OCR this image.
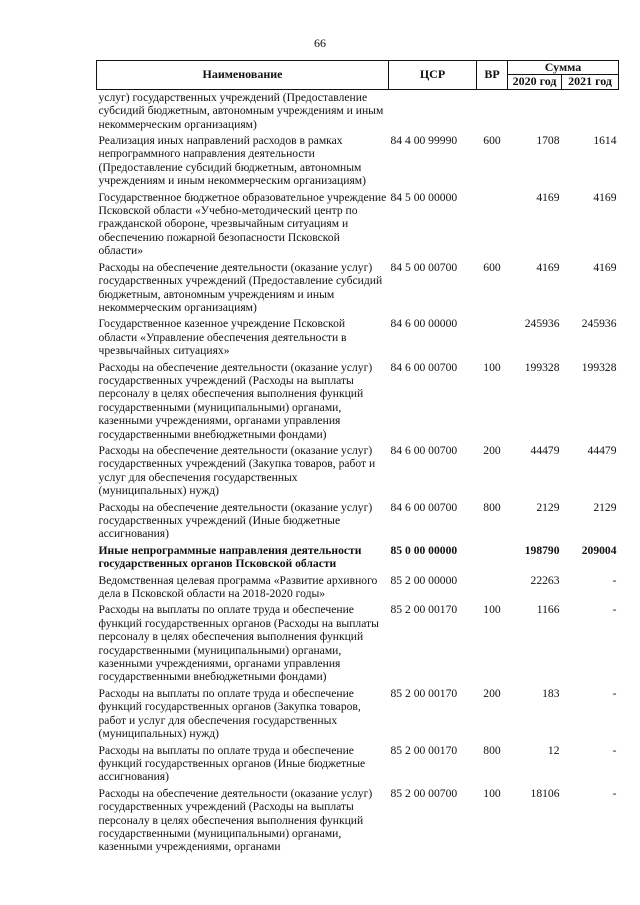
66
Наименование	ЦСР	ВР	Сумма	
			2020 год	2021 год
услуг) государственных учреждений (Предоставление субсидий бюджетным, автономным учреждениям и иным некоммерческим организациям)				
Реализация иных направлений расходов в рамках непрограммного направления деятельности (Предоставление субсидий бюджетным, автономным учреждениям и иным некоммерческим организациям)	84 4 00 99990	600	1708	1614
Государственное бюджетное образовательное учреждение Псковской области «Учебно-методический центр по гражданской обороне, чрезвычайным ситуациям и обеспечению пожарной безопасности Псковской области»	84 5 00 00000		4169	4169
Расходы на обеспечение деятельности (оказание услуг) государственных учреждений (Предоставление субсидий бюджетным, автономным учреждениям и иным некоммерческим организациям)	84 5 00 00700	600	4169	4169
Государственное казенное учреждение Псковской области «Управление обеспечения деятельности в чрезвычайных ситуациях»	84 6 00 00000		245936	245936
Расходы на обеспечение деятельности (оказание услуг) государственных учреждений (Расходы на выплаты персоналу в целях обеспечения выполнения функций государственными (муниципальными) органами, казенными учреждениями, органами управления государственными внебюджетными фондами)	84 6 00 00700	100	199328	199328
Расходы на обеспечение деятельности (оказание услуг) государственных учреждений (Закупка товаров, работ и услуг для обеспечения государственных (муниципальных) нужд)	84 6 00 00700	200	44479	44479
Расходы на обеспечение деятельности (оказание услуг) государственных учреждений (Иные бюджетные ассигнования)	84 6 00 00700	800	2129	2129
Иные непрограммные направления деятельности государственных органов Псковской области	85 0 00 00000		198790	209004
Ведомственная целевая программа «Развитие архивного дела в Псковской области на 2018-2020 годы»	85 2 00 00000		22263	-
Расходы на выплаты по оплате труда и обеспечение функций государственных органов (Расходы на выплаты персоналу в целях обеспечения выполнения функций государственными (муниципальными) органами, казенными учреждениями, органами управления государственными внебюджетными фондами)	85 2 00 00170	100	1166	-
Расходы на выплаты по оплате труда и обеспечение функций государственных органов (Закупка товаров, работ и услуг для обеспечения государственных (муниципальных) нужд)	85 2 00 00170	200	183	-
Расходы на выплаты по оплате труда и обеспечение функций государственных органов (Иные бюджетные ассигнования)	85 2 00 00170	800	12	-
Расходы на обеспечение деятельности (оказание услуг) государственных учреждений (Расходы на выплаты персоналу в целях обеспечения выполнения функций государственными (муниципальными) органами, казенными учреждениями, органами	85 2 00 00700	100	18106	-
